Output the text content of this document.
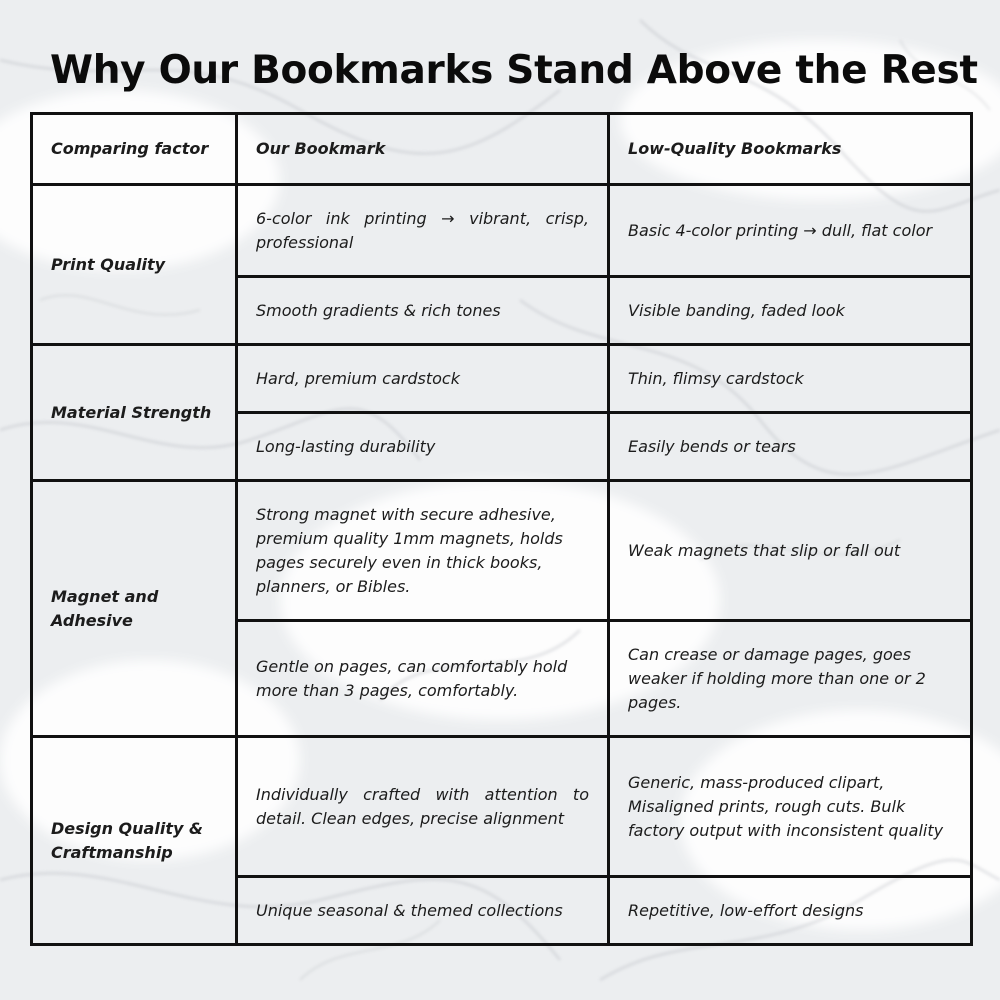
Why Our Bookmarks Stand Above the Rest
Comparing factor	Our Bookmark	Low-Quality Bookmarks
Print Quality	6-color ink printing → vibrant, crisp, professional	Basic 4-color printing → dull, flat color
	Smooth gradients & rich tones	Visible banding, faded look
Material Strength	Hard, premium cardstock	Thin, flimsy cardstock
	Long-lasting durability	Easily bends or tears
Magnet and Adhesive	Strong magnet with secure adhesive, premium quality 1mm magnets, holds pages securely even in thick books, planners, or Bibles.	Weak magnets that slip or fall out
	Gentle on pages, can comfortably hold more than 3 pages, comfortably.	Can crease or damage pages, goes weaker if holding more than one or 2 pages.
Design Quality & Craftmanship	Individually crafted with attention to detail. Clean edges, precise alignment	Generic, mass-produced clipart, Misaligned prints, rough cuts. Bulk factory output with inconsistent quality
	Unique seasonal & themed collections	Repetitive, low-effort designs
